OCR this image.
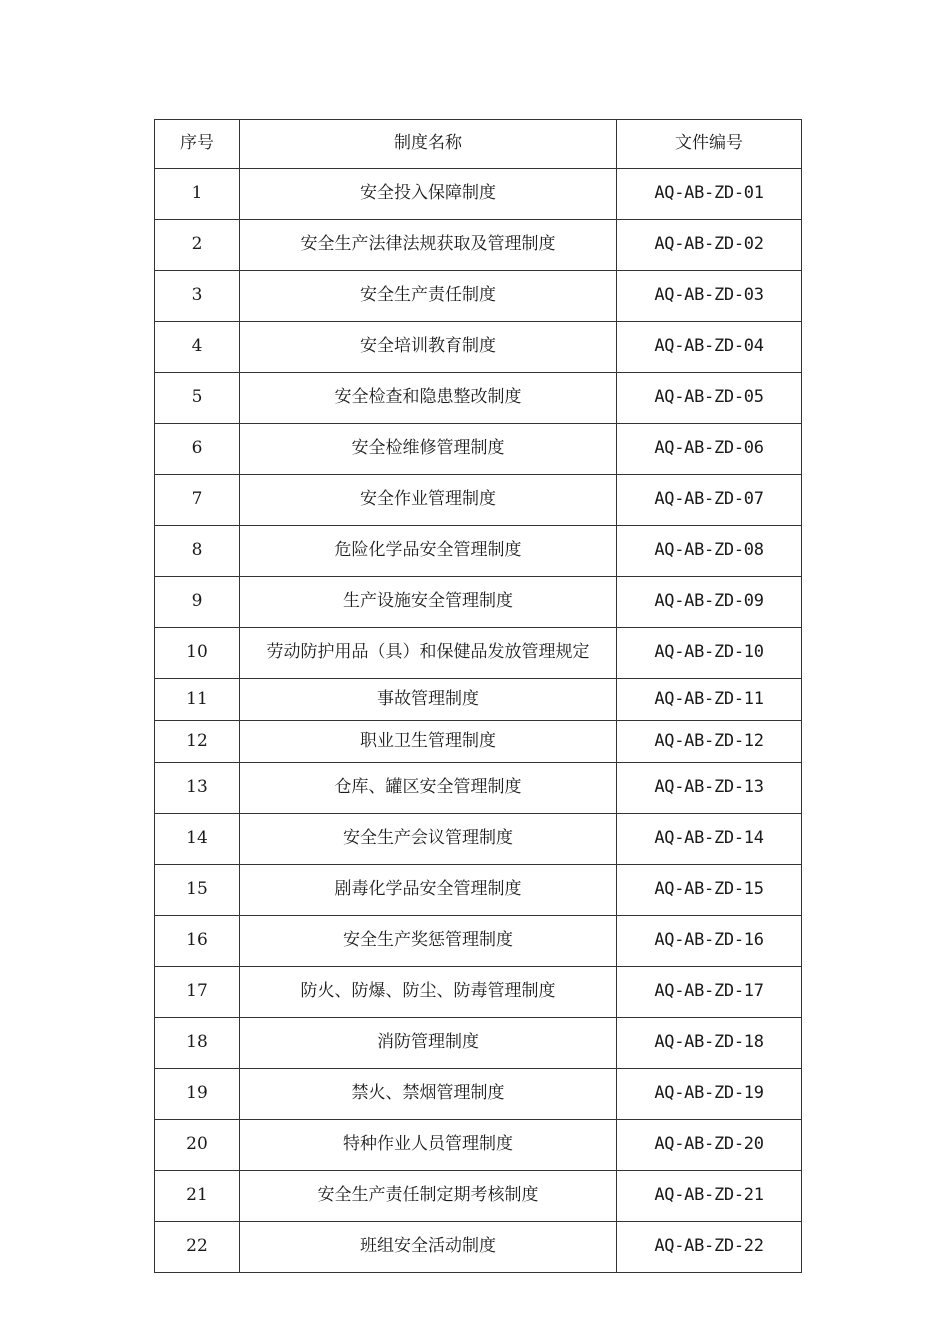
序号	制度名称	文件编号
1	安全投入保障制度	AQ-AB-ZD-01
2	安全生产法律法规获取及管理制度	AQ-AB-ZD-02
3	安全生产责任制度	AQ-AB-ZD-03
4	安全培训教育制度	AQ-AB-ZD-04
5	安全检查和隐患整改制度	AQ-AB-ZD-05
6	安全检维修管理制度	AQ-AB-ZD-06
7	安全作业管理制度	AQ-AB-ZD-07
8	危险化学品安全管理制度	AQ-AB-ZD-08
9	生产设施安全管理制度	AQ-AB-ZD-09
10	劳动防护用品（具）和保健品发放管理规定	AQ-AB-ZD-10
11	事故管理制度	AQ-AB-ZD-11
12	职业卫生管理制度	AQ-AB-ZD-12
13	仓库、罐区安全管理制度	AQ-AB-ZD-13
14	安全生产会议管理制度	AQ-AB-ZD-14
15	剧毒化学品安全管理制度	AQ-AB-ZD-15
16	安全生产奖惩管理制度	AQ-AB-ZD-16
17	防火、防爆、防尘、防毒管理制度	AQ-AB-ZD-17
18	消防管理制度	AQ-AB-ZD-18
19	禁火、禁烟管理制度	AQ-AB-ZD-19
20	特种作业人员管理制度	AQ-AB-ZD-20
21	安全生产责任制定期考核制度	AQ-AB-ZD-21
22	班组安全活动制度	AQ-AB-ZD-22
